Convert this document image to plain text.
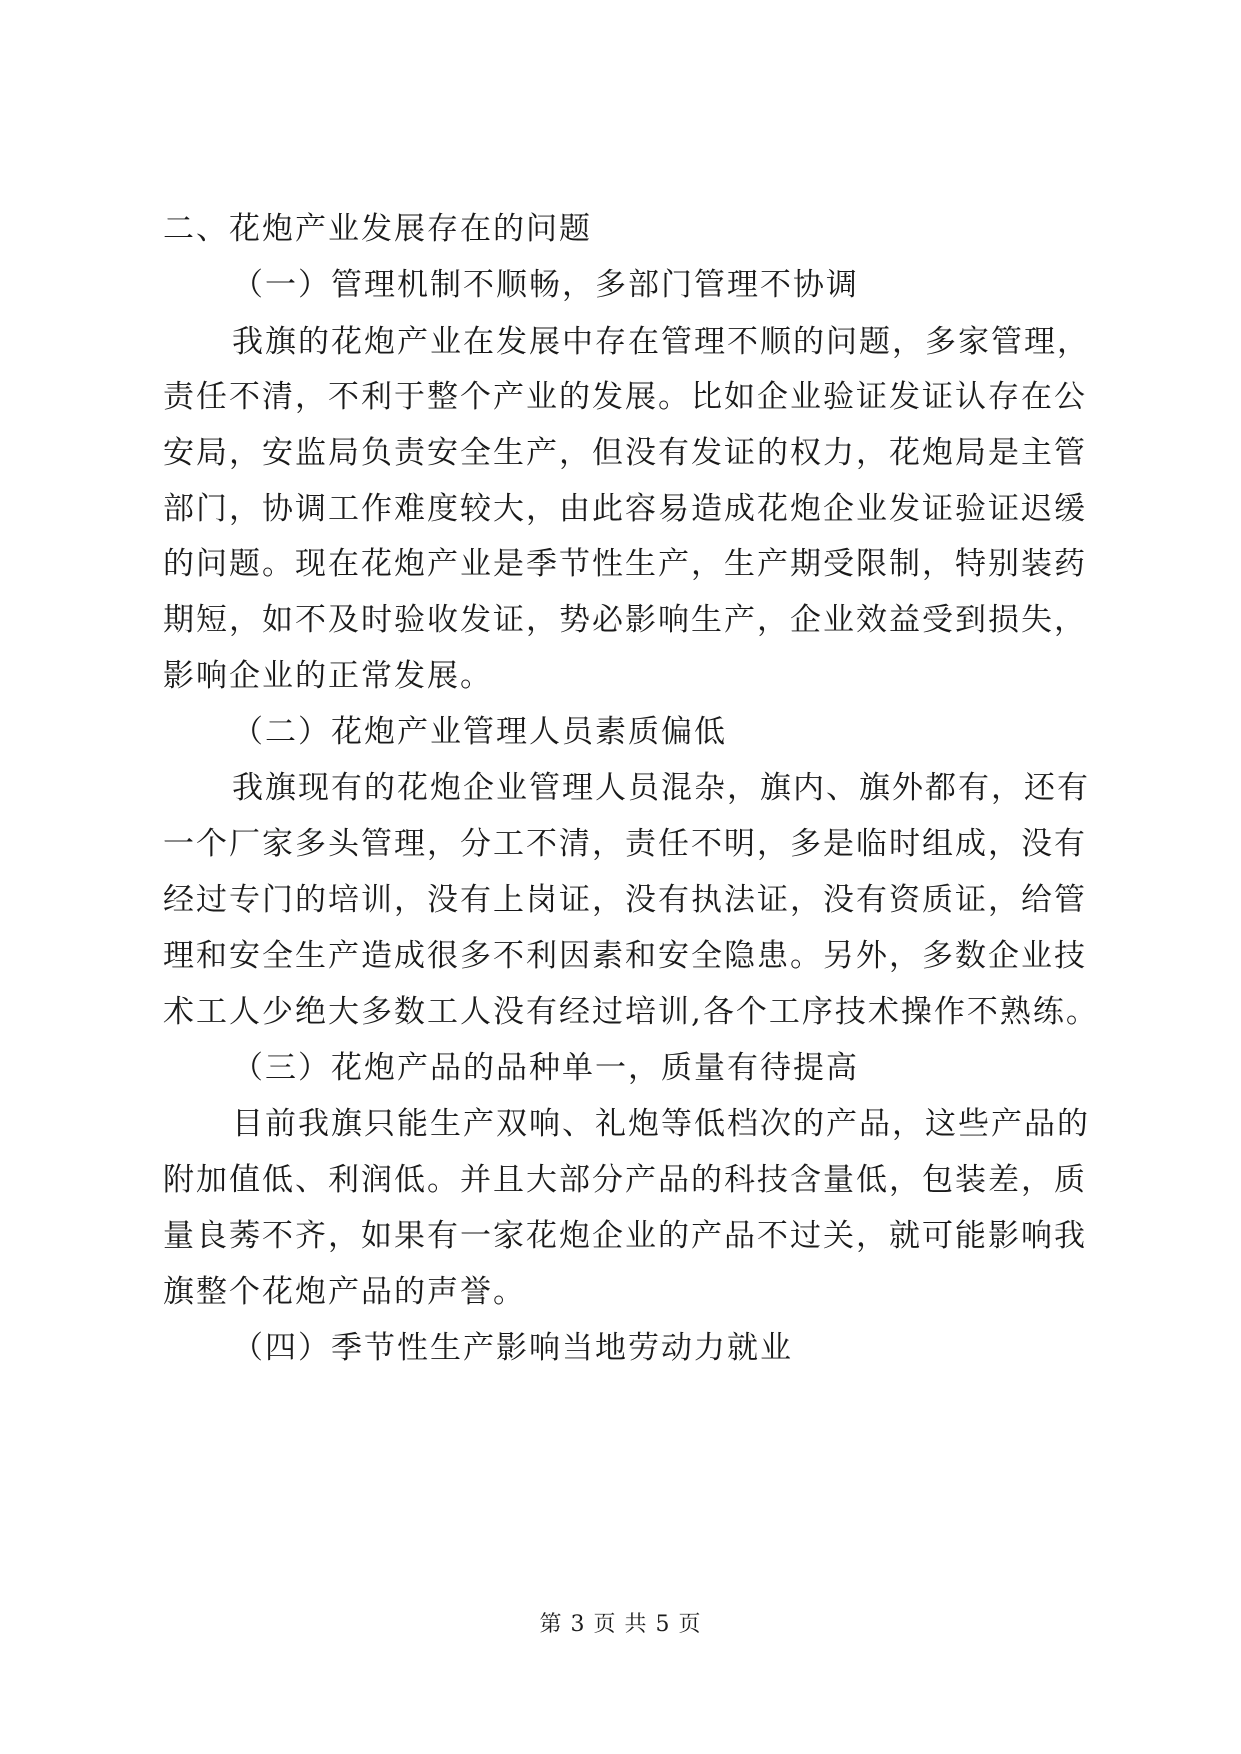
二、花炮产业发展存在的问题
（一）管理机制不顺畅，多部门管理不协调
我旗的花炮产业在发展中存在管理不顺的问题，多家管理，
责任不清，不利于整个产业的发展。比如企业验证发证认存在公
安局，安监局负责安全生产，但没有发证的权力，花炮局是主管
部门，协调工作难度较大，由此容易造成花炮企业发证验证迟缓
的问题。现在花炮产业是季节性生产，生产期受限制，特别装药
期短，如不及时验收发证，势必影响生产，企业效益受到损失，
影响企业的正常发展。
（二）花炮产业管理人员素质偏低
我旗现有的花炮企业管理人员混杂，旗内、旗外都有，还有
一个厂家多头管理，分工不清，责任不明，多是临时组成，没有
经过专门的培训，没有上岗证，没有执法证，没有资质证，给管
理和安全生产造成很多不利因素和安全隐患。另外，多数企业技
术工人少绝大多数工人没有经过培训,各个工序技术操作不熟练。
（三）花炮产品的品种单一，质量有待提高
目前我旗只能生产双响、礼炮等低档次的产品，这些产品的
附加值低、利润低。并且大部分产品的科技含量低，包装差，质
量良莠不齐，如果有一家花炮企业的产品不过关，就可能影响我
旗整个花炮产品的声誉。
（四）季节性生产影响当地劳动力就业
第 3 页 共 5 页
